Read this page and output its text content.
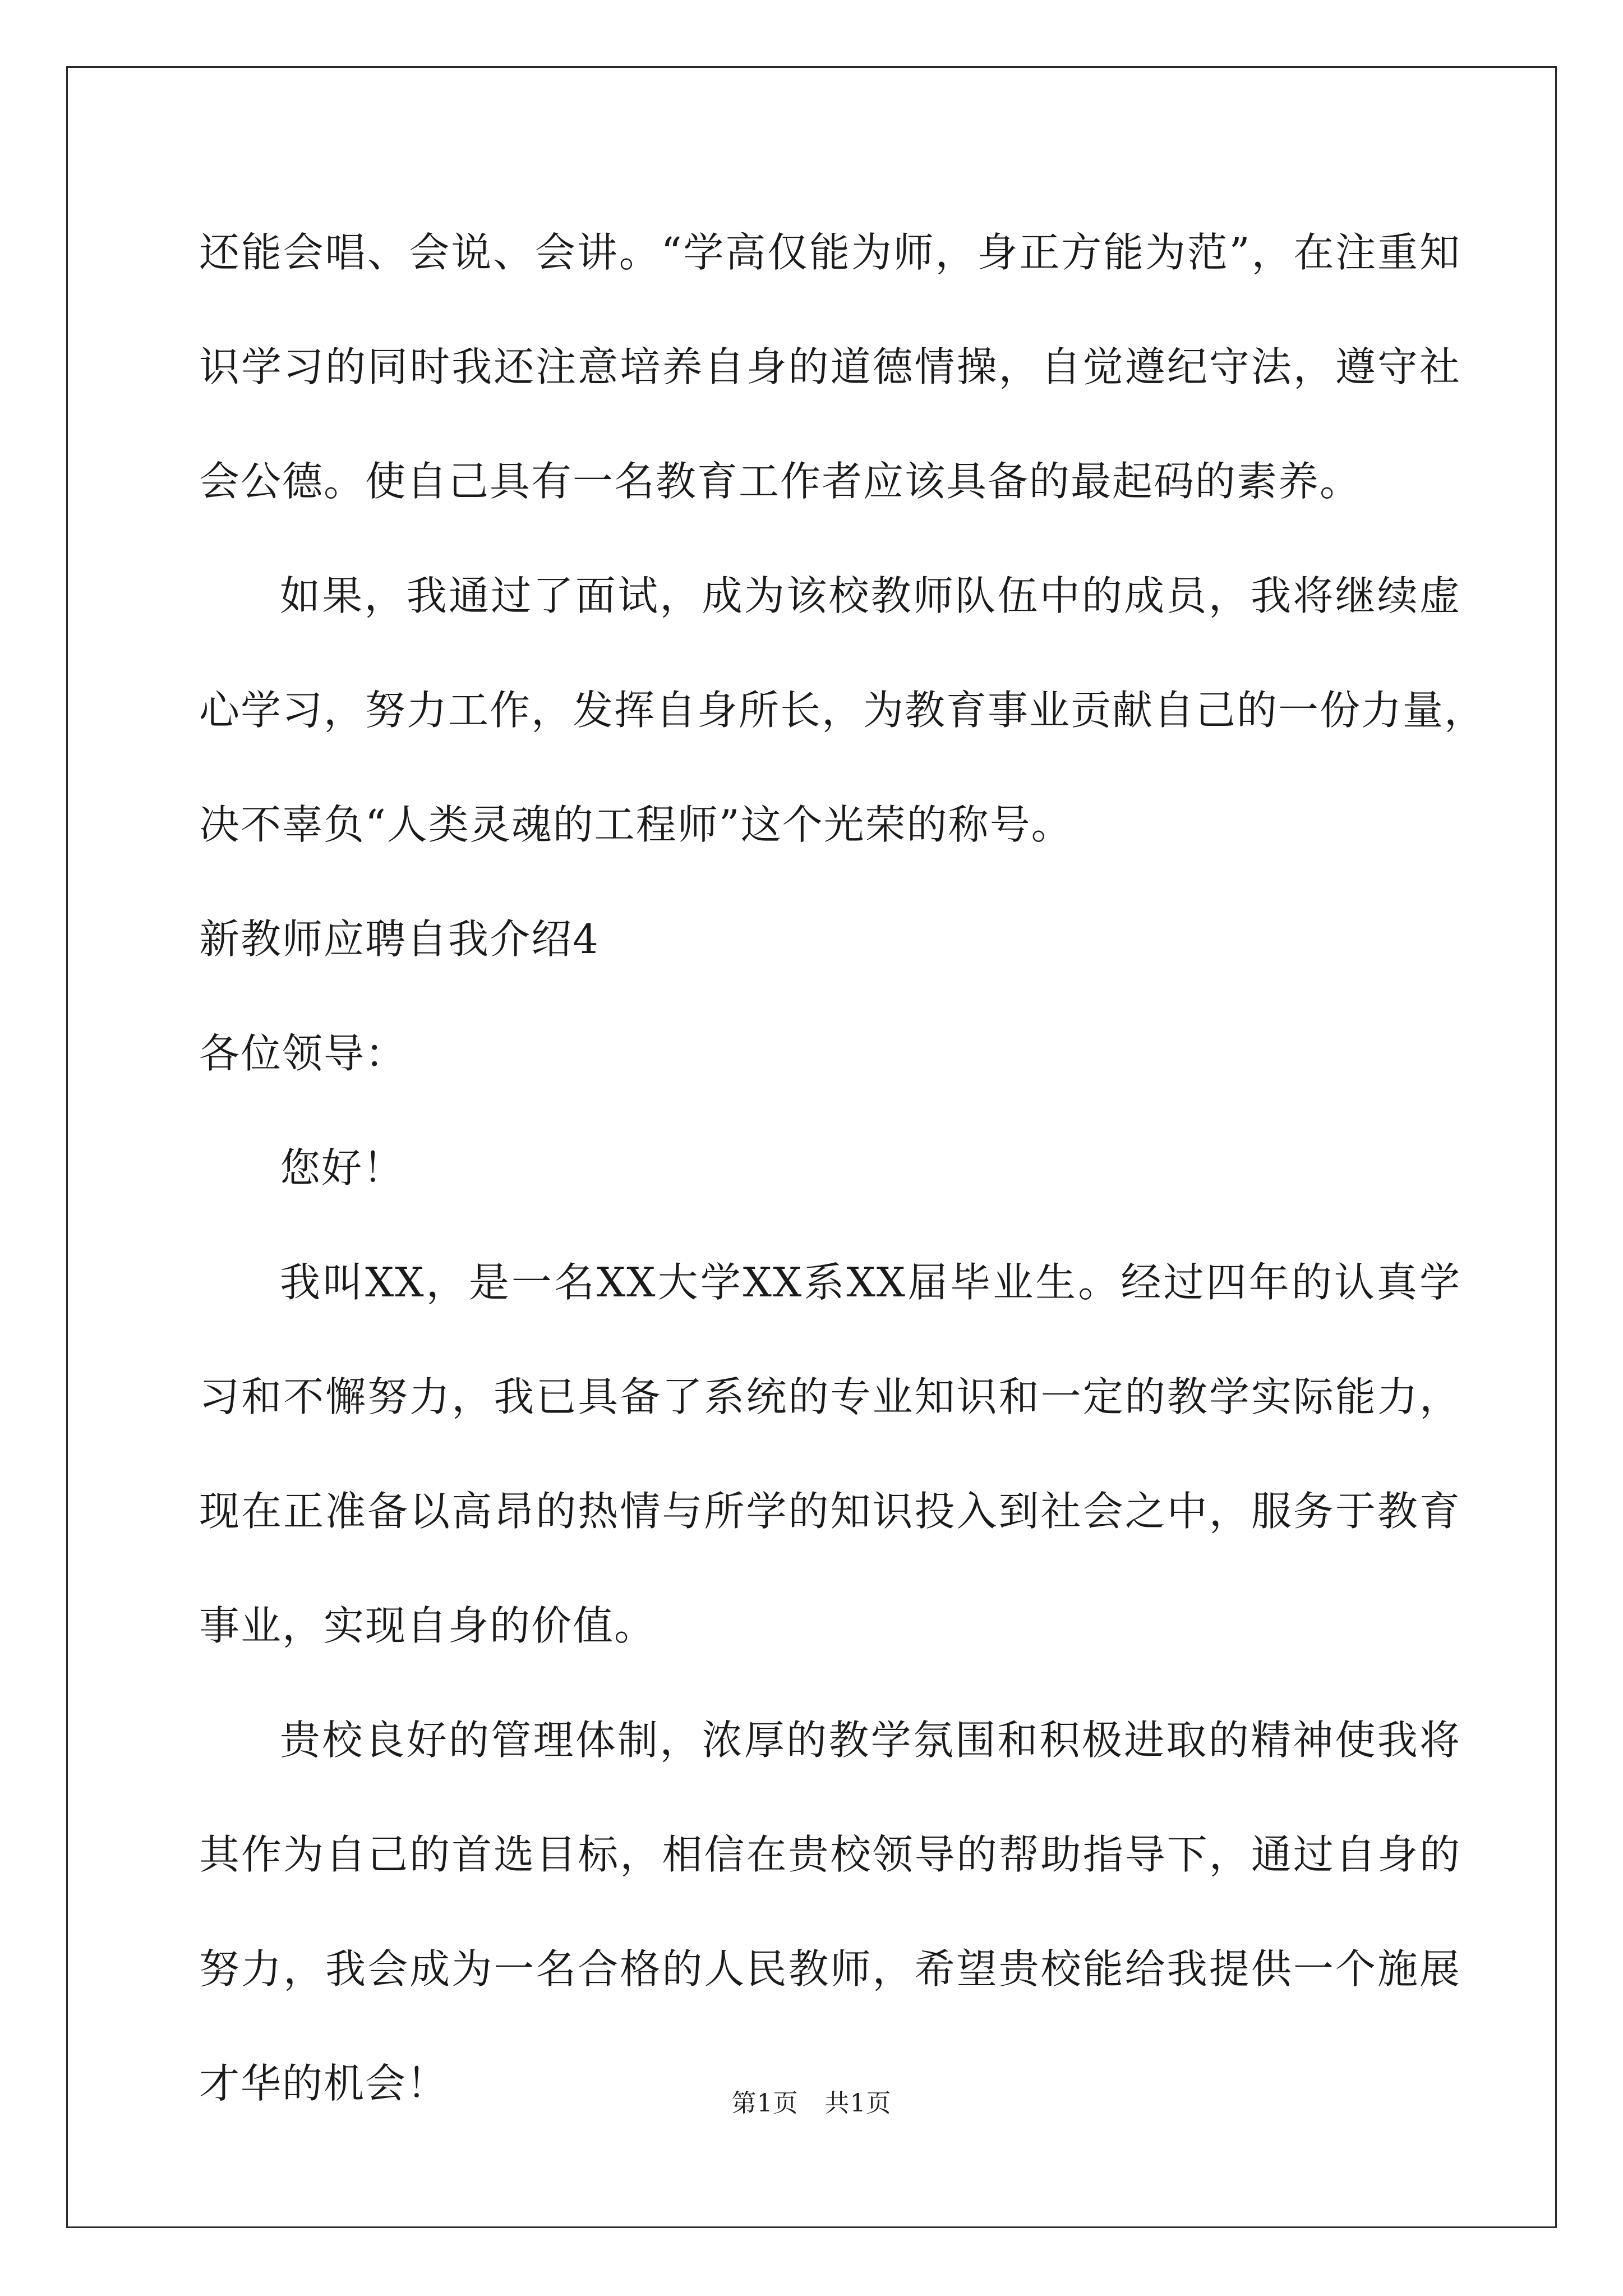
还能会唱、会说、会讲。“学高仅能为师，身正方能为范”，在注重知
识学习的同时我还注意培养自身的道德情操，自觉遵纪守法，遵守社
会公德。使自己具有一名教育工作者应该具备的最起码的素养。
如果，我通过了面试，成为该校教师队伍中的成员，我将继续虚
心学习，努力工作，发挥自身所长，为教育事业贡献自己的一份力量，
决不辜负“人类灵魂的工程师”这个光荣的称号。
新教师应聘自我介绍4
各位领导：
您好！
我叫XX，是一名XX大学XX系XX届毕业生。经过四年的认真学
习和不懈努力，我已具备了系统的专业知识和一定的教学实际能力，
现在正准备以高昂的热情与所学的知识投入到社会之中，服务于教育
事业，实现自身的价值。
贵校良好的管理体制，浓厚的教学氛围和积极进取的精神使我将
其作为自己的首选目标，相信在贵校领导的帮助指导下，通过自身的
努力，我会成为一名合格的人民教师，希望贵校能给我提供一个施展
才华的机会！	第1页 共1页
